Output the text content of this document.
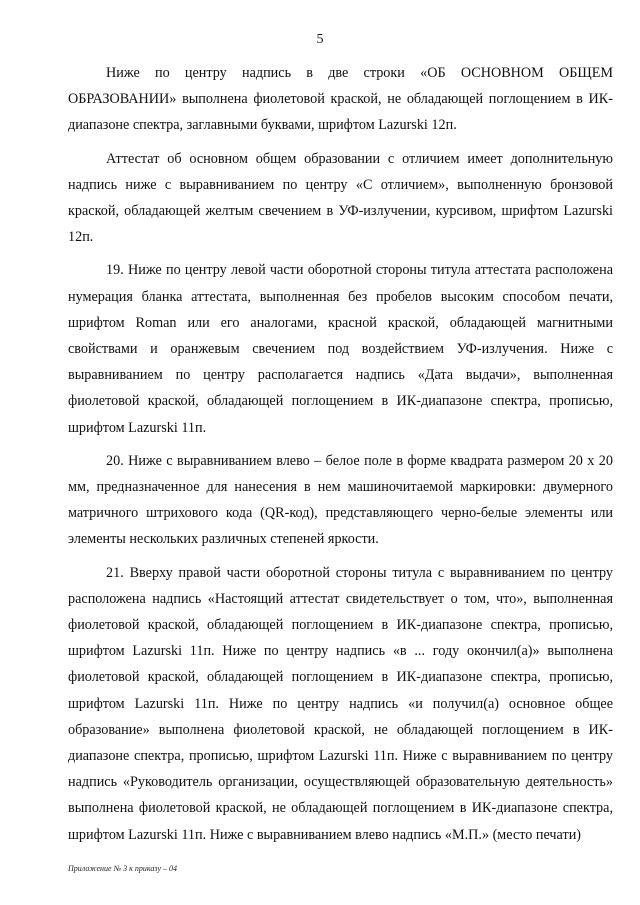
5

Ниже по центру надпись в две строки «ОБ ОСНОВНОМ ОБЩЕМ ОБРАЗОВАНИИ» выполнена фиолетовой краской, не обладающей поглощением в ИК-диапазоне спектра, заглавными буквами, шрифтом Lazurski 12п.

Аттестат об основном общем образовании с отличием имеет дополнительную надпись ниже с выравниванием по центру «С отличием», выполненную бронзовой краской, обладающей желтым свечением в УФ-излучении, курсивом, шрифтом Lazurski 12п.

19. Ниже по центру левой части оборотной стороны титула аттестата расположена нумерация бланка аттестата, выполненная без пробелов высоким способом печати, шрифтом Roman или его аналогами, красной краской, обладающей магнитными свойствами и оранжевым свечением под воздействием УФ-излучения. Ниже с выравниванием по центру располагается надпись «Дата выдачи», выполненная фиолетовой краской, обладающей поглощением в ИК-диапазоне спектра, прописью, шрифтом Lazurski 11п.

20. Ниже с выравниванием влево – белое поле в форме квадрата размером 20 х 20 мм, предназначенное для нанесения в нем машиночитаемой маркировки: двумерного матричного штрихового кода (QR-код), представляющего черно-белые элементы или элементы нескольких различных степеней яркости.

21. Вверху правой части оборотной стороны титула с выравниванием по центру расположена надпись «Настоящий аттестат свидетельствует о том, что», выполненная фиолетовой краской, обладающей поглощением в ИК-диапазоне спектра, прописью, шрифтом Lazurski 11п. Ниже по центру надпись «в ... году окончил(а)» выполнена фиолетовой краской, обладающей поглощением в ИК-диапазоне спектра, прописью, шрифтом Lazurski 11п. Ниже по центру надпись «и получил(а) основное общее образование» выполнена фиолетовой краской, не обладающей поглощением в ИК-диапазоне спектра, прописью, шрифтом Lazurski 11п. Ниже с выравниванием по центру надпись «Руководитель организации, осуществляющей образовательную деятельность» выполнена фиолетовой краской, не обладающей поглощением в ИК-диапазоне спектра, шрифтом Lazurski 11п. Ниже с выравниванием влево надпись «М.П.» (место печати)

Приложение № 3 к приказу – 04
